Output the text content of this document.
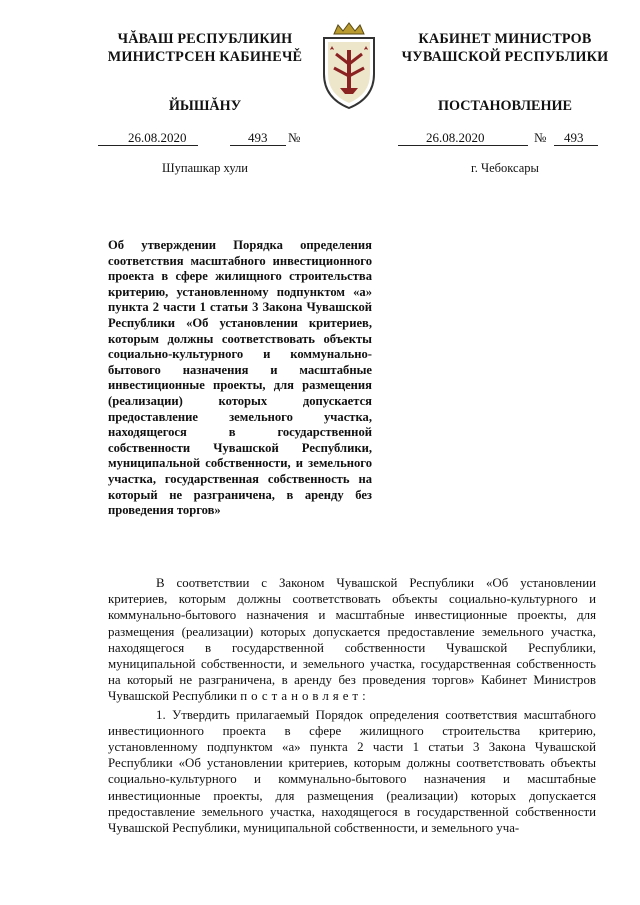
ЧĂВАШ РЕСПУБЛИКИН
МИНИСТРСЕН КАБИНЕЧĚ
ЙЫШĂНУ
КАБИНЕТ МИНИСТРОВ
ЧУВАШСКОЙ РЕСПУБЛИКИ
ПОСТАНОВЛЕНИЕ
26.08.2020	493 №	26.08.2020	№ 493
Шупашкар хули	г. Чебоксары

Об утверждении Порядка определения соответствия масштабного инвестиционного проекта в сфере жилищного строительства критерию, установленному подпунктом «а» пункта 2 части 1 статьи 3 Закона Чувашской Республики «Об установлении критериев, которым должны соответствовать объекты социально-культурного и коммунально-бытового назначения и масштабные инвестиционные проекты, для размещения (реализации) которых допускается предоставление земельного участка, находящегося в государственной собственности Чувашской Республики, муниципальной собственности, и земельного участка, государственная собственность на который не разграничена, в аренду без проведения торгов»

В соответствии с Законом Чувашской Республики «Об установлении критериев, которым должны соответствовать объекты социально-культурного и коммунально-бытового назначения и масштабные инвестиционные проекты, для размещения (реализации) которых допускается предоставление земельного участка, находящегося в государственной собственности Чувашской Республики, муниципальной собственности, и земельного участка, государственная собственность на который не разграничена, в аренду без проведения торгов» Кабинет Министров Чувашской Республики постановляет:

1. Утвердить прилагаемый Порядок определения соответствия масштабного инвестиционного проекта в сфере жилищного строительства критерию, установленному подпунктом «а» пункта 2 части 1 статьи 3 Закона Чувашской Республики «Об установлении критериев, которым должны соответствовать объекты социально-культурного и коммунально-бытового назначения и масштабные инвестиционные проекты, для размещения (реализации) которых допускается предоставление земельного участка, находящегося в государственной собственности Чувашской Республики, муниципальной собственности, и земельного уча-
